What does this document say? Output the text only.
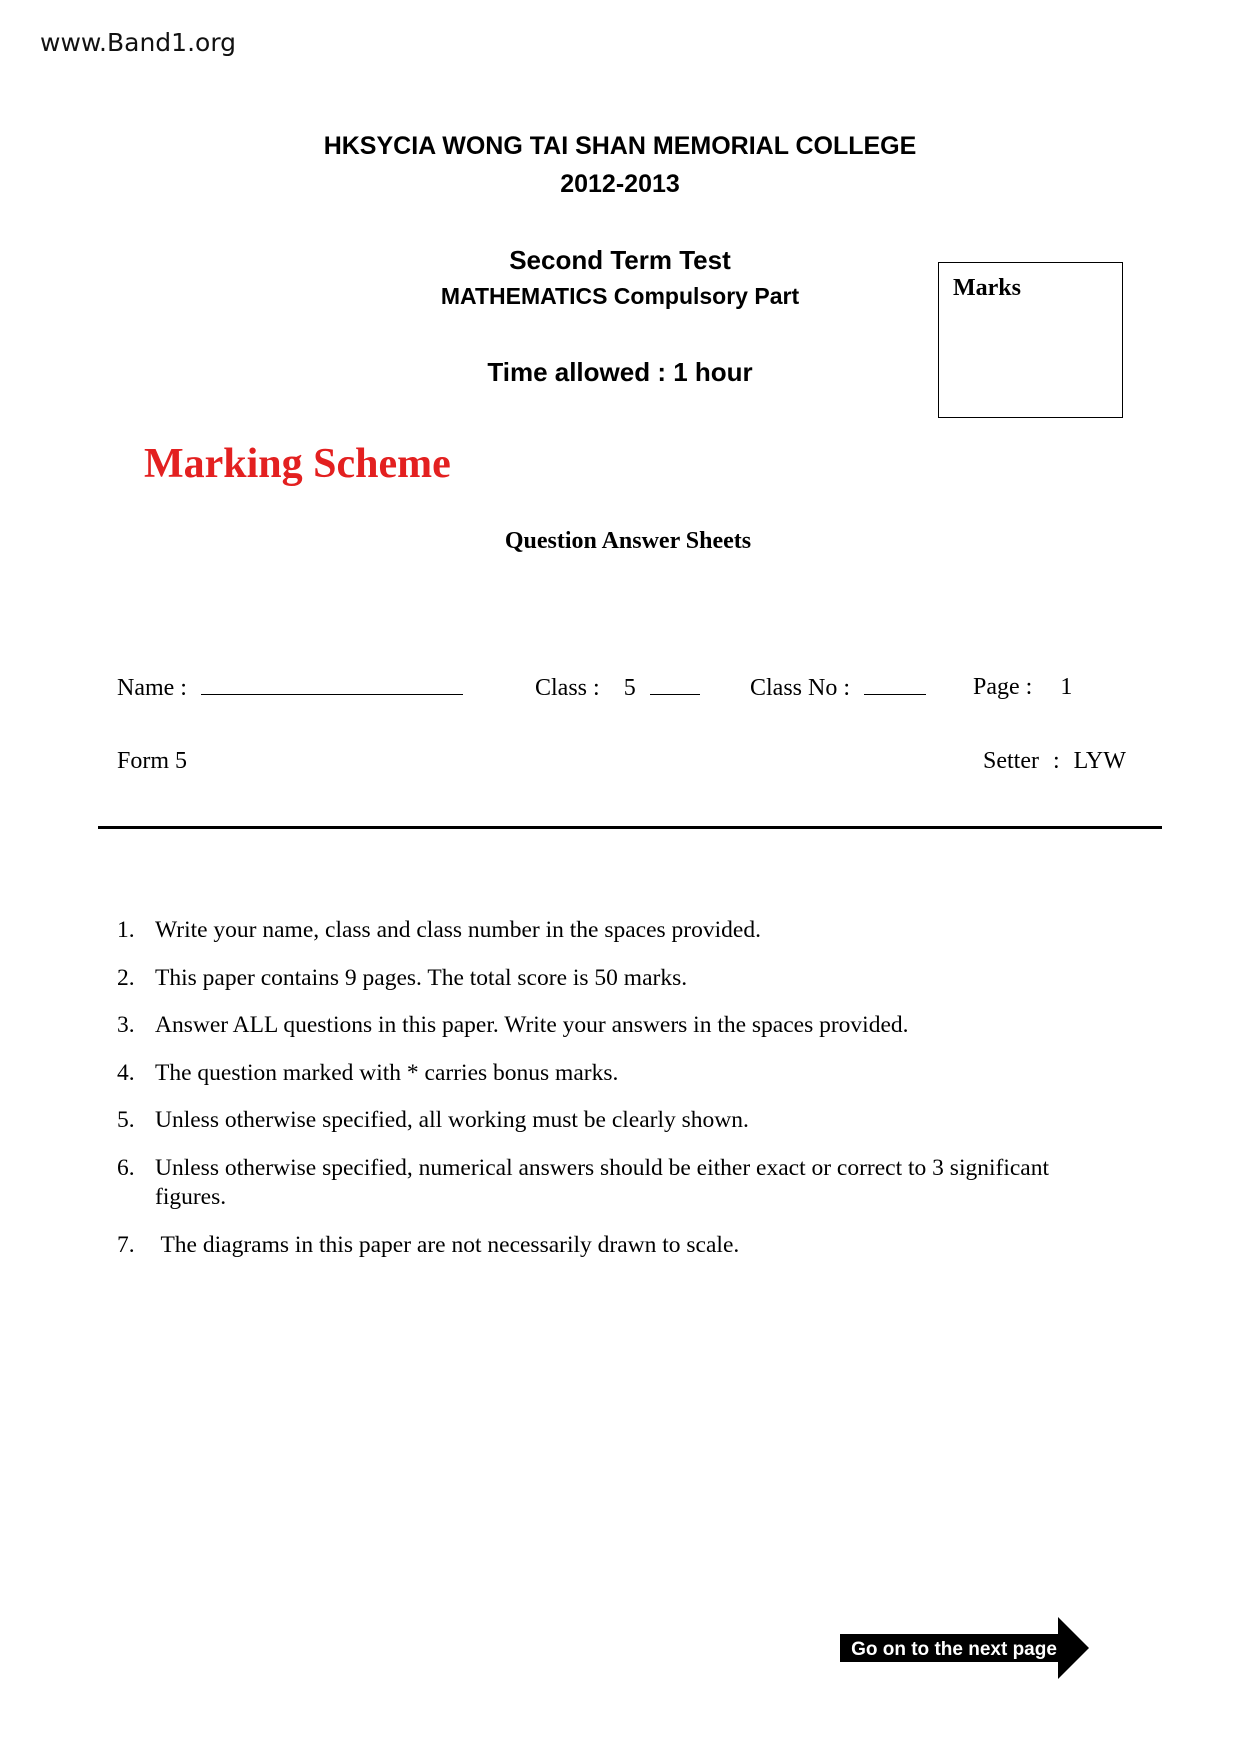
www.Band1.org
HKSYCIA WONG TAI SHAN MEMORIAL COLLEGE
2012-2013
Second Term Test
MATHEMATICS Compulsory Part
Time allowed : 1 hour
Marks
Marking Scheme
Question Answer Sheets
Name :	Class : 5	Class No :	Page : 1
Form 5	Setter : LYW
1. Write your name, class and class number in the spaces provided.
2. This paper contains 9 pages. The total score is 50 marks.
3. Answer ALL questions in this paper. Write your answers in the spaces provided.
4. The question marked with * carries bonus marks.
5. Unless otherwise specified, all working must be clearly shown.
6. Unless otherwise specified, numerical answers should be either exact or correct to 3 significant figures.
7. The diagrams in this paper are not necessarily drawn to scale.
Go on to the next page
